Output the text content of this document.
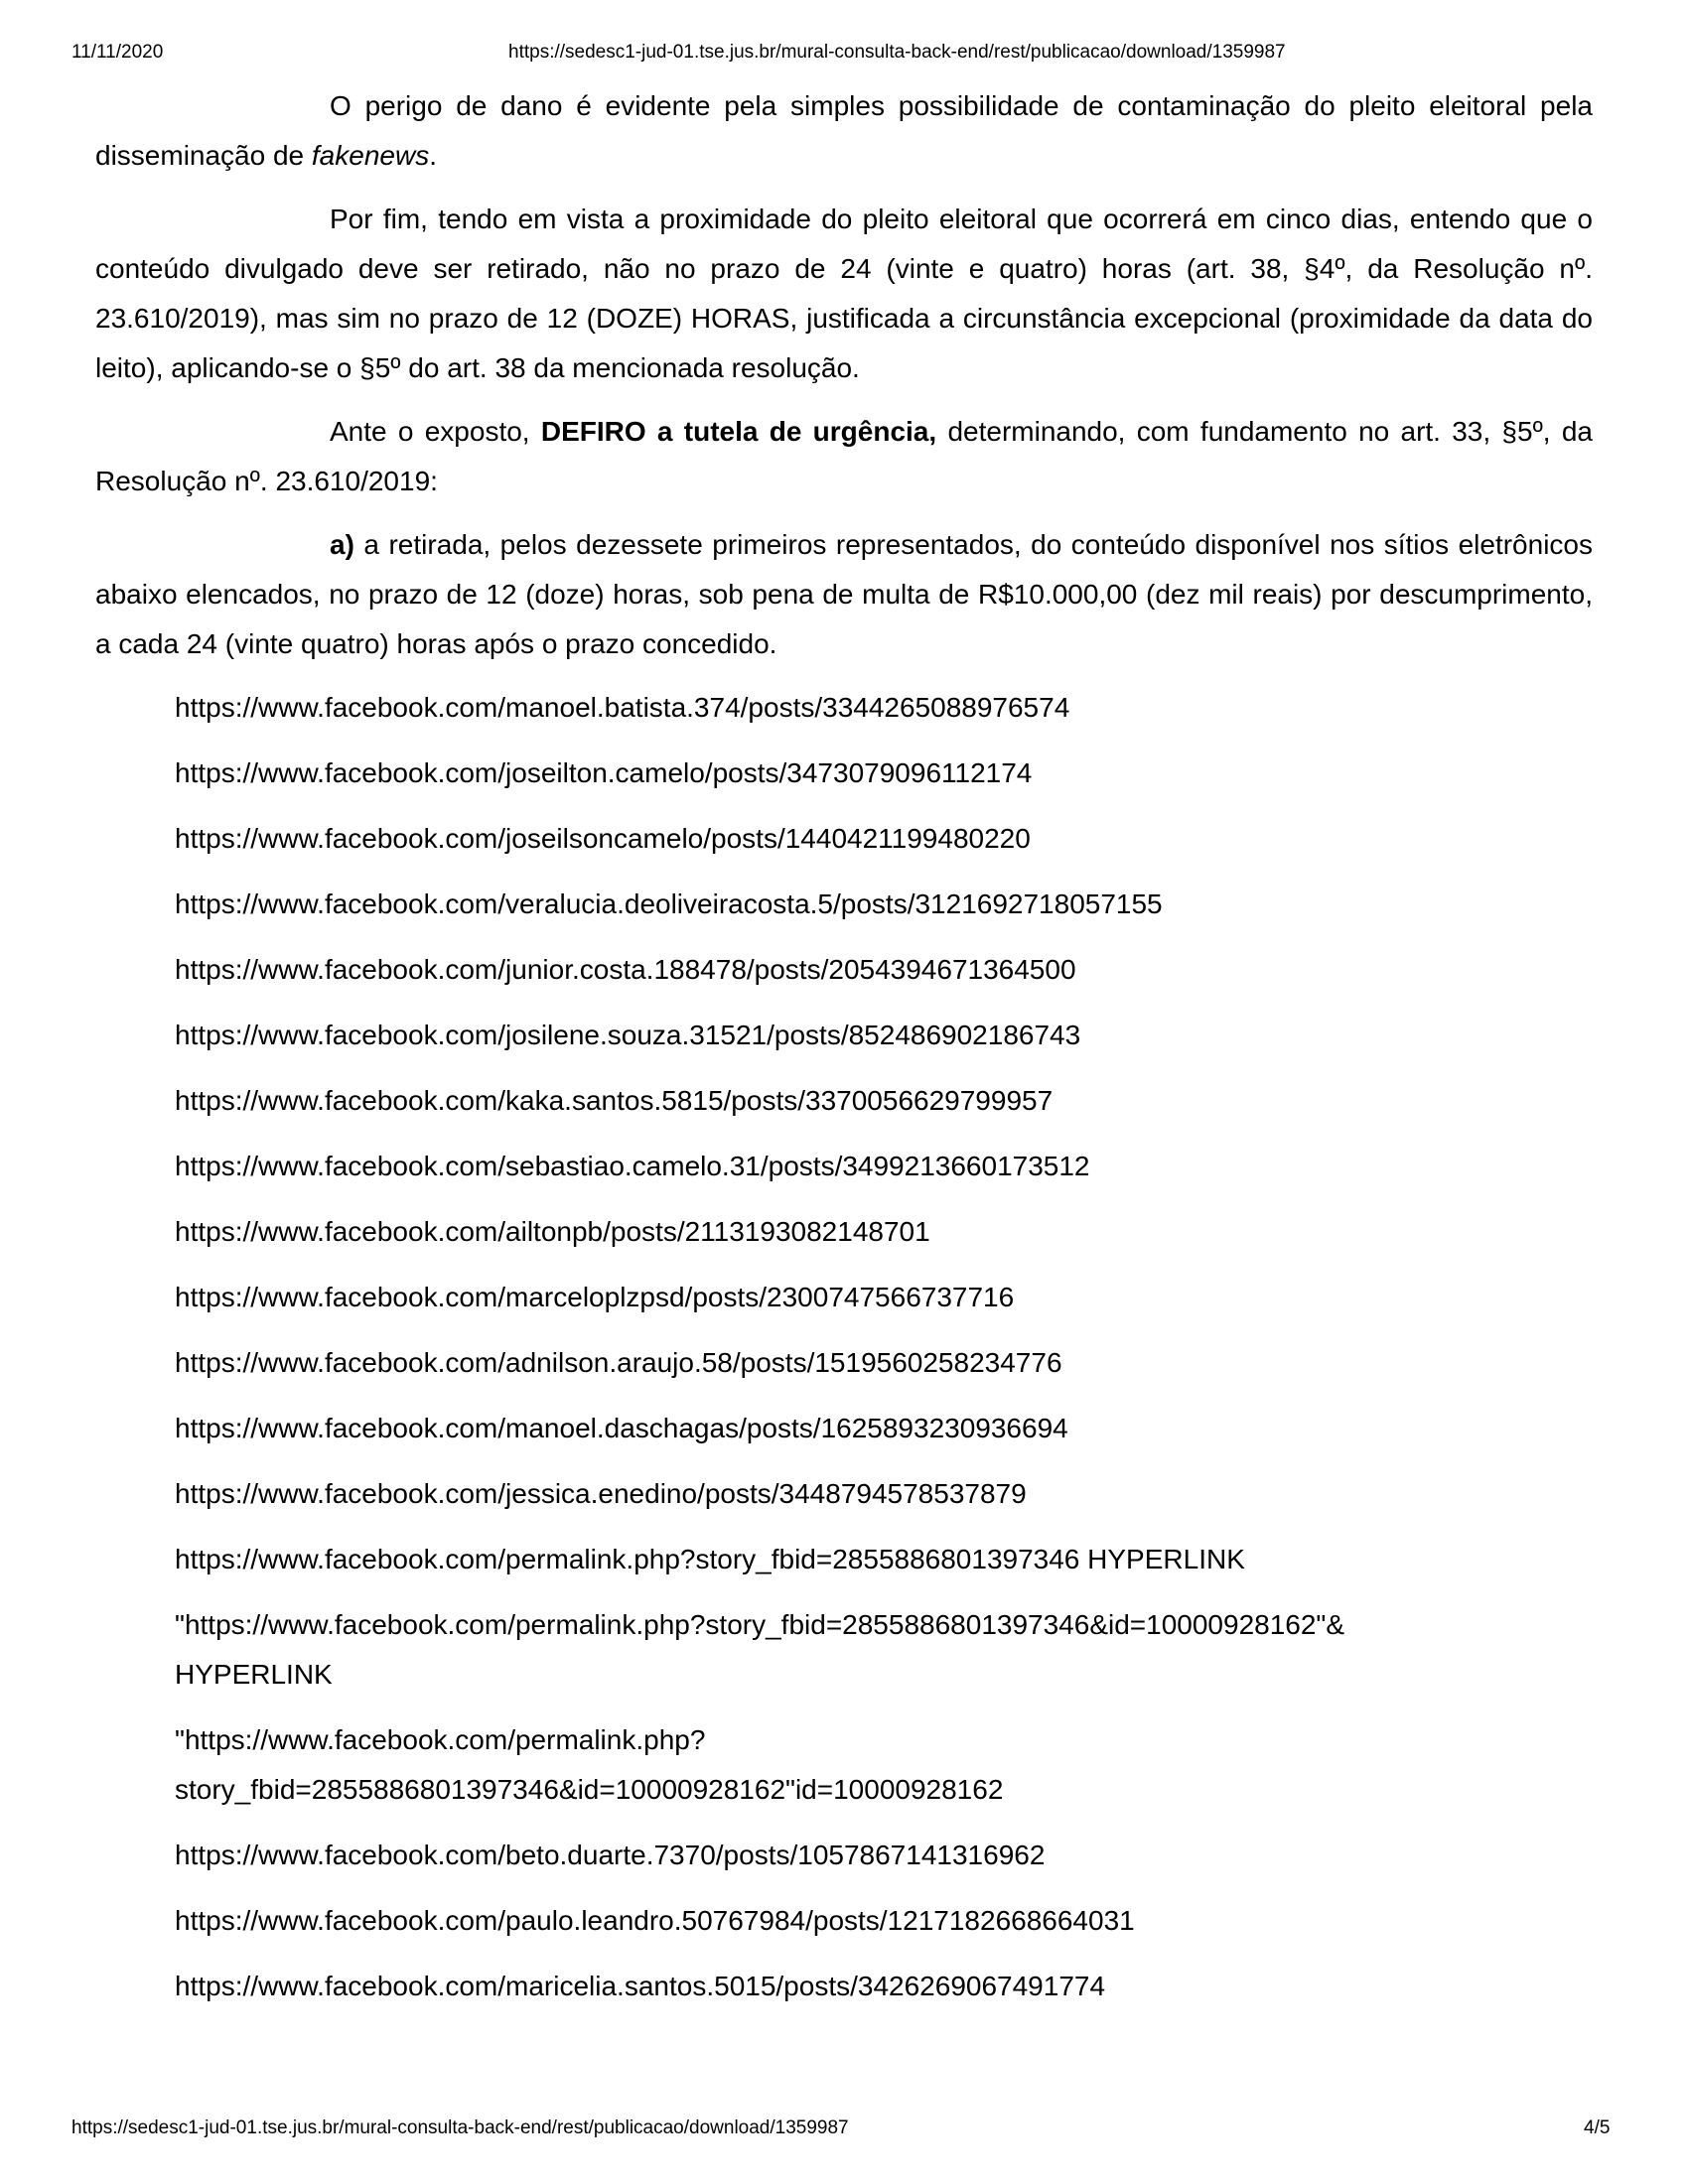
11/11/2020	https://sedesc1-jud-01.tse.jus.br/mural-consulta-back-end/rest/publicacao/download/1359987

O perigo de dano é evidente pela simples possibilidade de contaminação do pleito eleitoral pela disseminação de fakenews.

Por fim, tendo em vista a proximidade do pleito eleitoral que ocorrerá em cinco dias, entendo que o conteúdo divulgado deve ser retirado, não no prazo de 24 (vinte e quatro) horas (art. 38, §4º, da Resolução nº. 23.610/2019), mas sim no prazo de 12 (DOZE) HORAS, justificada a circunstância excepcional (proximidade da data do leito), aplicando-se o §5º do art. 38 da mencionada resolução.

Ante o exposto, DEFIRO a tutela de urgência, determinando, com fundamento no art. 33, §5º, da Resolução nº. 23.610/2019:

a) a retirada, pelos dezessete primeiros representados, do conteúdo disponível nos sítios eletrônicos abaixo elencados, no prazo de 12 (doze) horas, sob pena de multa de R$10.000,00 (dez mil reais) por descumprimento, a cada 24 (vinte quatro) horas após o prazo concedido.

https://www.facebook.com/manoel.batista.374/posts/3344265088976574
https://www.facebook.com/joseilton.camelo/posts/3473079096112174
https://www.facebook.com/joseilsoncamelo/posts/1440421199480220
https://www.facebook.com/veralucia.deoliveiracosta.5/posts/3121692718057155
https://www.facebook.com/junior.costa.188478/posts/2054394671364500
https://www.facebook.com/josilene.souza.31521/posts/852486902186743
https://www.facebook.com/kaka.santos.5815/posts/3370056629799957
https://www.facebook.com/sebastiao.camelo.31/posts/3499213660173512
https://www.facebook.com/ailtonpb/posts/2113193082148701
https://www.facebook.com/marceloplzpsd/posts/2300747566737716
https://www.facebook.com/adnilson.araujo.58/posts/1519560258234776
https://www.facebook.com/manoel.daschagas/posts/1625893230936694
https://www.facebook.com/jessica.enedino/posts/3448794578537879
https://www.facebook.com/permalink.php?story_fbid=2855886801397346 HYPERLINK
"https://www.facebook.com/permalink.php?story_fbid=2855886801397346&id=10000928162"& HYPERLINK
"https://www.facebook.com/permalink.php? story_fbid=2855886801397346&id=10000928162"id=10000928162
https://www.facebook.com/beto.duarte.7370/posts/1057867141316962
https://www.facebook.com/paulo.leandro.50767984/posts/1217182668664031
https://www.facebook.com/maricelia.santos.5015/posts/3426269067491774
https://sedesc1-jud-01.tse.jus.br/mural-consulta-back-end/rest/publicacao/download/1359987	4/5
